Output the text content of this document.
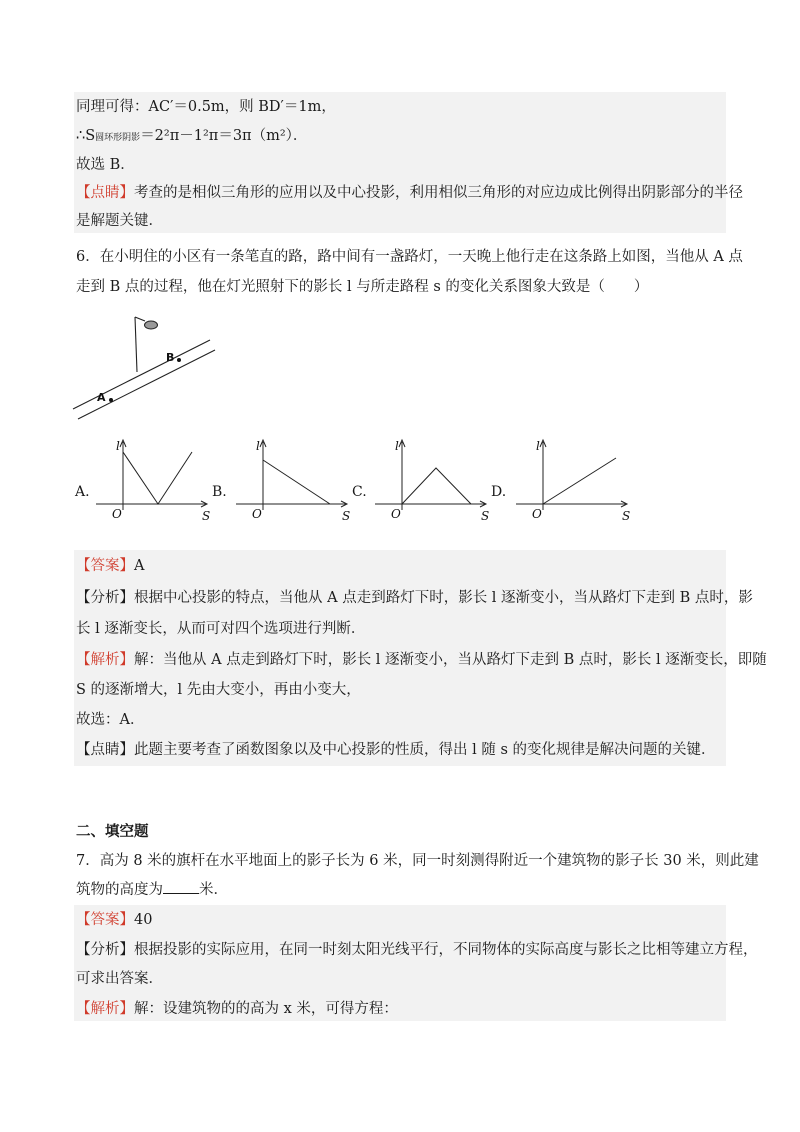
同理可得：AC′＝0.5m，则 BD′＝1m，
∴S圆环形阴影＝2²π－1²π＝3π（m²）．
故选 B．
【点睛】考查的是相似三角形的应用以及中心投影，利用相似三角形的对应边成比例得出阴影部分的半径
是解题关键．
6．在小明住的小区有一条笔直的路，路中间有一盏路灯，一天晚上他行走在这条路上如图，当他从 A 点
走到 B 点的过程，他在灯光照射下的影长 l 与所走路程 s 的变化关系图象大致是（　　）
B
A
A.
l
O	S
B.
l
O	S
C.
l
O	S
D.
l
O	S
【答案】A
【分析】根据中心投影的特点，当他从 A 点走到路灯下时，影长 l 逐渐变小，当从路灯下走到 B 点时，影
长 l 逐渐变长，从而可对四个选项进行判断．
【解析】解：当他从 A 点走到路灯下时，影长 l 逐渐变小，当从路灯下走到 B 点时，影长 l 逐渐变长，即随
S 的逐渐增大，l 先由大变小，再由小变大，
故选：A．
【点睛】此题主要考查了函数图象以及中心投影的性质，得出 l 随 s 的变化规律是解决问题的关键．
二、填空题
7．高为 8 米的旗杆在水平地面上的影子长为 6 米，同一时刻测得附近一个建筑物的影子长 30 米，则此建
筑物的高度为 米．
【答案】40
【分析】根据投影的实际应用，在同一时刻太阳光线平行，不同物体的实际高度与影长之比相等建立方程，
可求出答案．
【解析】解：设建筑物的的高为 x 米，可得方程：
